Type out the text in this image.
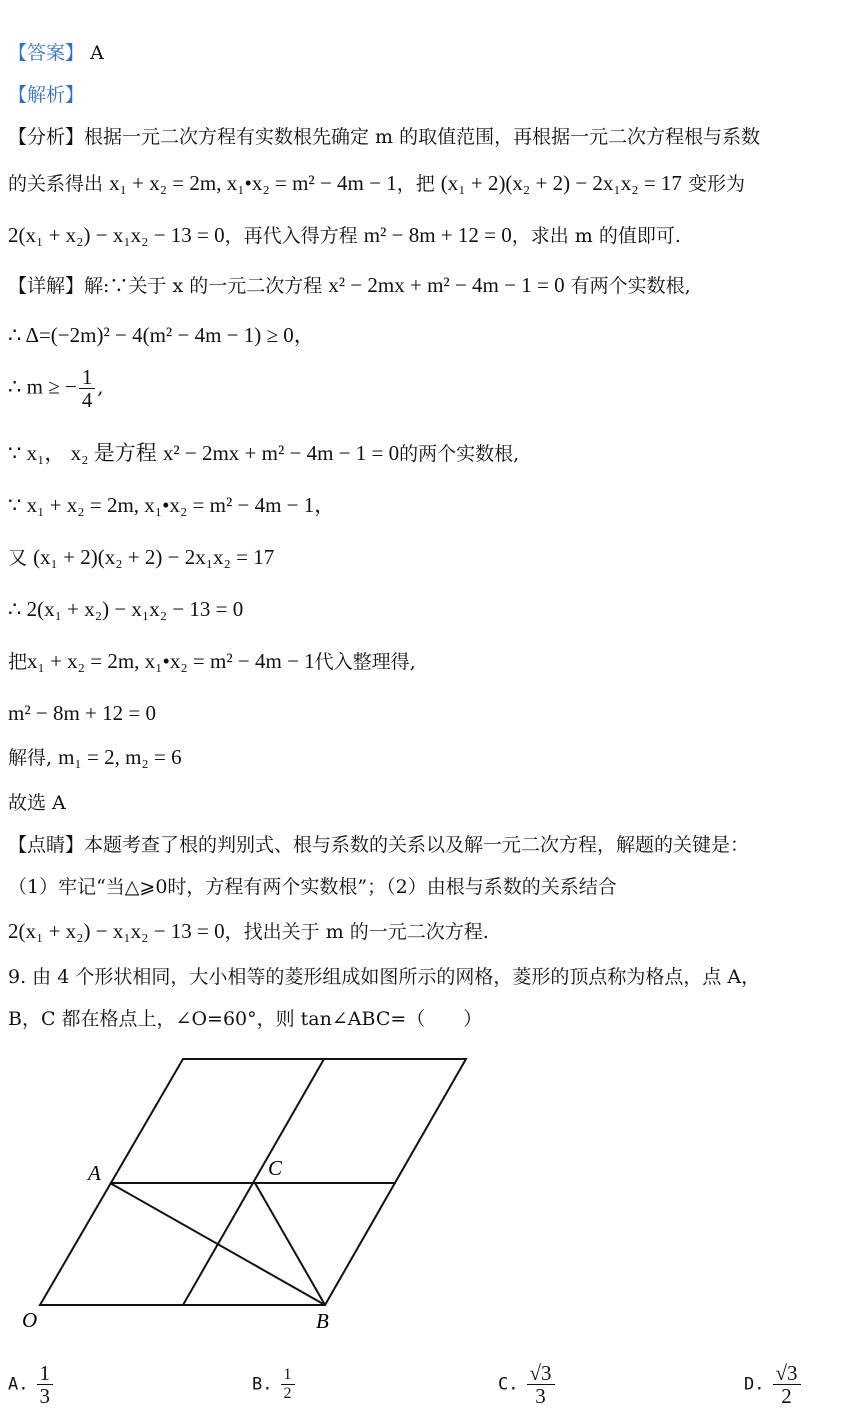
【答案】 A
【解析】
【分析】根据一元二次方程有实数根先确定 m 的取值范围，再根据一元二次方程根与系数
的关系得出 x₁ + x₂ = 2m, x₁•x₂ = m² − 4m − 1，把 (x₁ + 2)(x₂ + 2) − 2x₁x₂ = 17 变形为
2(x₁ + x₂) − x₁x₂ − 13 = 0，再代入得方程 m² − 8m + 12 = 0，求出 m 的值即可.
【详解】解:∵关于 x 的一元二次方程 x² − 2mx + m² − 4m − 1 = 0 有两个实数根,
∴ Δ=(−2m)² − 4(m² − 4m − 1) ≥ 0，
∴ m ≥ − $\frac{1}{4}$ ,
∵ x₁， x₂ 是方程 x² − 2mx + m² − 4m − 1 = 0的两个实数根,
∵ x₁ + x₂ = 2m, x₁•x₂ = m² − 4m − 1，
又 (x₁ + 2)(x₂ + 2) − 2x₁x₂ = 17
∴ 2(x₁ + x₂) − x₁x₂ − 13 = 0
把x₁ + x₂ = 2m, x₁•x₂ = m² − 4m − 1代入整理得,
m² − 8m + 12 = 0
解得, m₁ = 2, m₂ = 6
故选 A
【点睛】本题考查了根的判别式、根与系数的关系以及解一元二次方程，解题的关键是：
（1）牢记“当△⩾0时，方程有两个实数根”；（2）由根与系数的关系结合
2(x₁ + x₂) − x₁x₂ − 13 = 0，找出关于 m 的一元二次方程.
9. 由 4 个形状相同，大小相等的菱形组成如图所示的网格，菱形的顶点称为格点，点 A，
B，C 都在格点上，∠O=60°，则 tan∠ABC=（　　）
A	C
O	B
A. $\frac{1}{3}$	B. $\frac{1}{2}$	C. $\frac{√3}{3}$	D. $\frac{√3}{2}$
